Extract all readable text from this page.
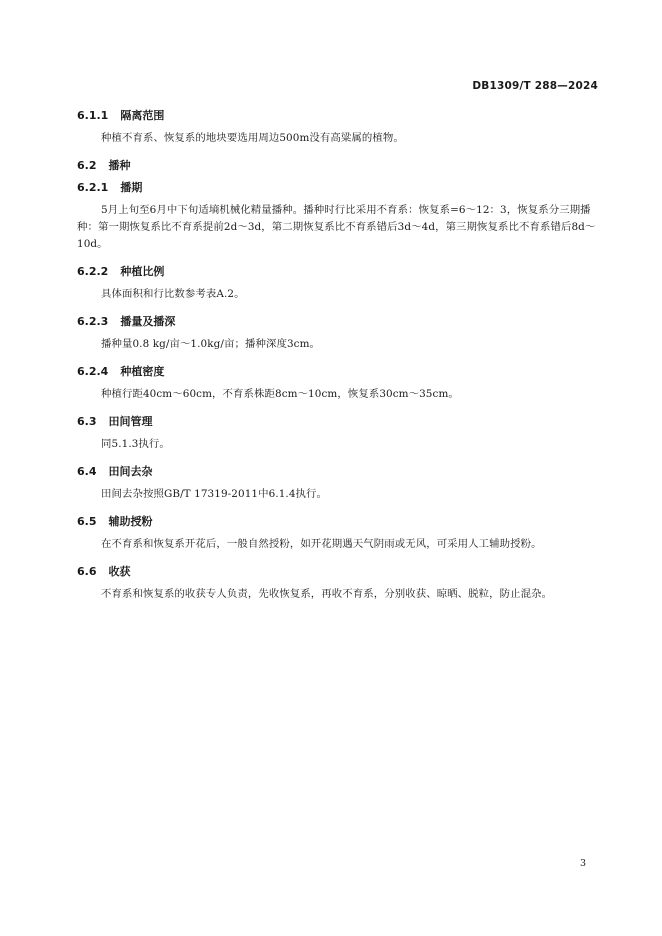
DB1309/T 288—2024
6.1.1 隔离范围
种植不育系、恢复系的地块要选用周边500m没有高粱属的植物。
6.2 播种
6.2.1 播期
5月上旬至6月中下旬适墒机械化精量播种。播种时行比采用不育系：恢复系=6～12：3，恢复系分三期播种：第一期恢复系比不育系提前2d～3d，第二期恢复系比不育系错后3d～4d，第三期恢复系比不育系错后8d～10d。
6.2.2 种植比例
具体面积和行比数参考表A.2。
6.2.3 播量及播深
播种量0.8 kg/亩～1.0kg/亩；播种深度3cm。
6.2.4 种植密度
种植行距40cm～60cm，不育系株距8cm～10cm，恢复系30cm～35cm。
6.3 田间管理
同5.1.3执行。
6.4 田间去杂
田间去杂按照GB/T 17319-2011中6.1.4执行。
6.5 辅助授粉
在不育系和恢复系开花后，一般自然授粉，如开花期遇天气阴雨或无风，可采用人工辅助授粉。
6.6 收获
不育系和恢复系的收获专人负责，先收恢复系，再收不育系，分别收获、晾晒、脱粒，防止混杂。
3
